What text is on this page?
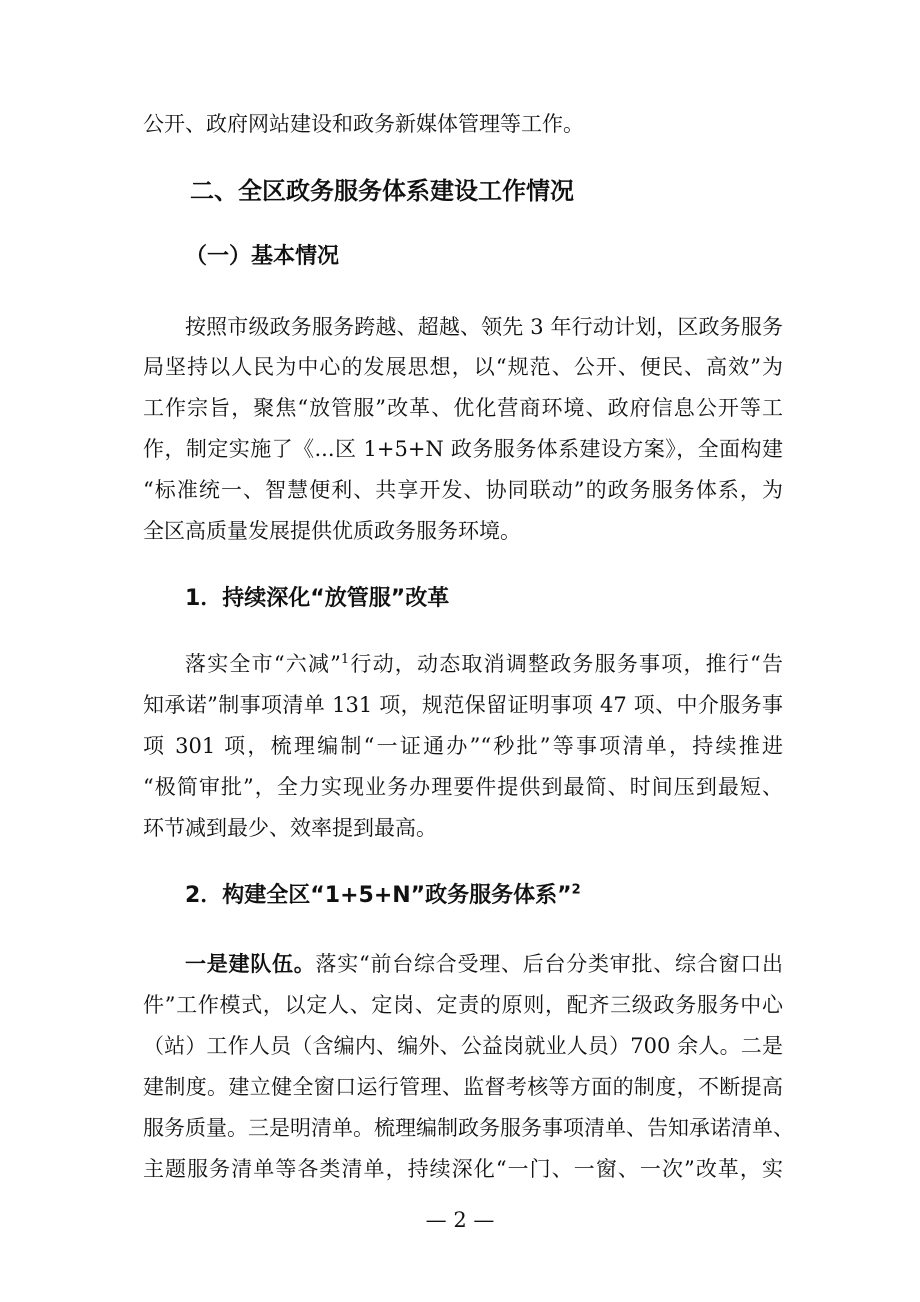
公开、政府网站建设和政务新媒体管理等工作。
二、全区政务服务体系建设工作情况
（一）基本情况
按照市级政务服务跨越、超越、领先 3 年行动计划，区政务服务
局坚持以人民为中心的发展思想，以“规范、公开、便民、高效”为
工作宗旨，聚焦“放管服”改革、优化营商环境、政府信息公开等工
作，制定实施了《...区 1+5+N 政务服务体系建设方案》，全面构建
“标准统一、智慧便利、共享开发、协同联动”的政务服务体系，为
全区高质量发展提供优质政务服务环境。
1．持续深化“放管服”改革
落实全市“六减”$^1$行动，动态取消调整政务服务事项，推行“告
知承诺”制事项清单 131 项，规范保留证明事项 47 项、中介服务事
项 301 项，梳理编制“一证通办”“秒批”等事项清单，持续推进
“极简审批”，全力实现业务办理要件提供到最简、时间压到最短、
环节减到最少、效率提到最高。
2．构建全区“1+5+N”政务服务体系”$^2$
一是建队伍。落实“前台综合受理、后台分类审批、综合窗口出
件”工作模式，以定人、定岗、定责的原则，配齐三级政务服务中心
（站）工作人员（含编内、编外、公益岗就业人员）700 余人。二是
建制度。建立健全窗口运行管理、监督考核等方面的制度，不断提高
服务质量。三是明清单。梳理编制政务服务事项清单、告知承诺清单、
主题服务清单等各类清单，持续深化“一门、一窗、一次”改革，实
— 2 —
